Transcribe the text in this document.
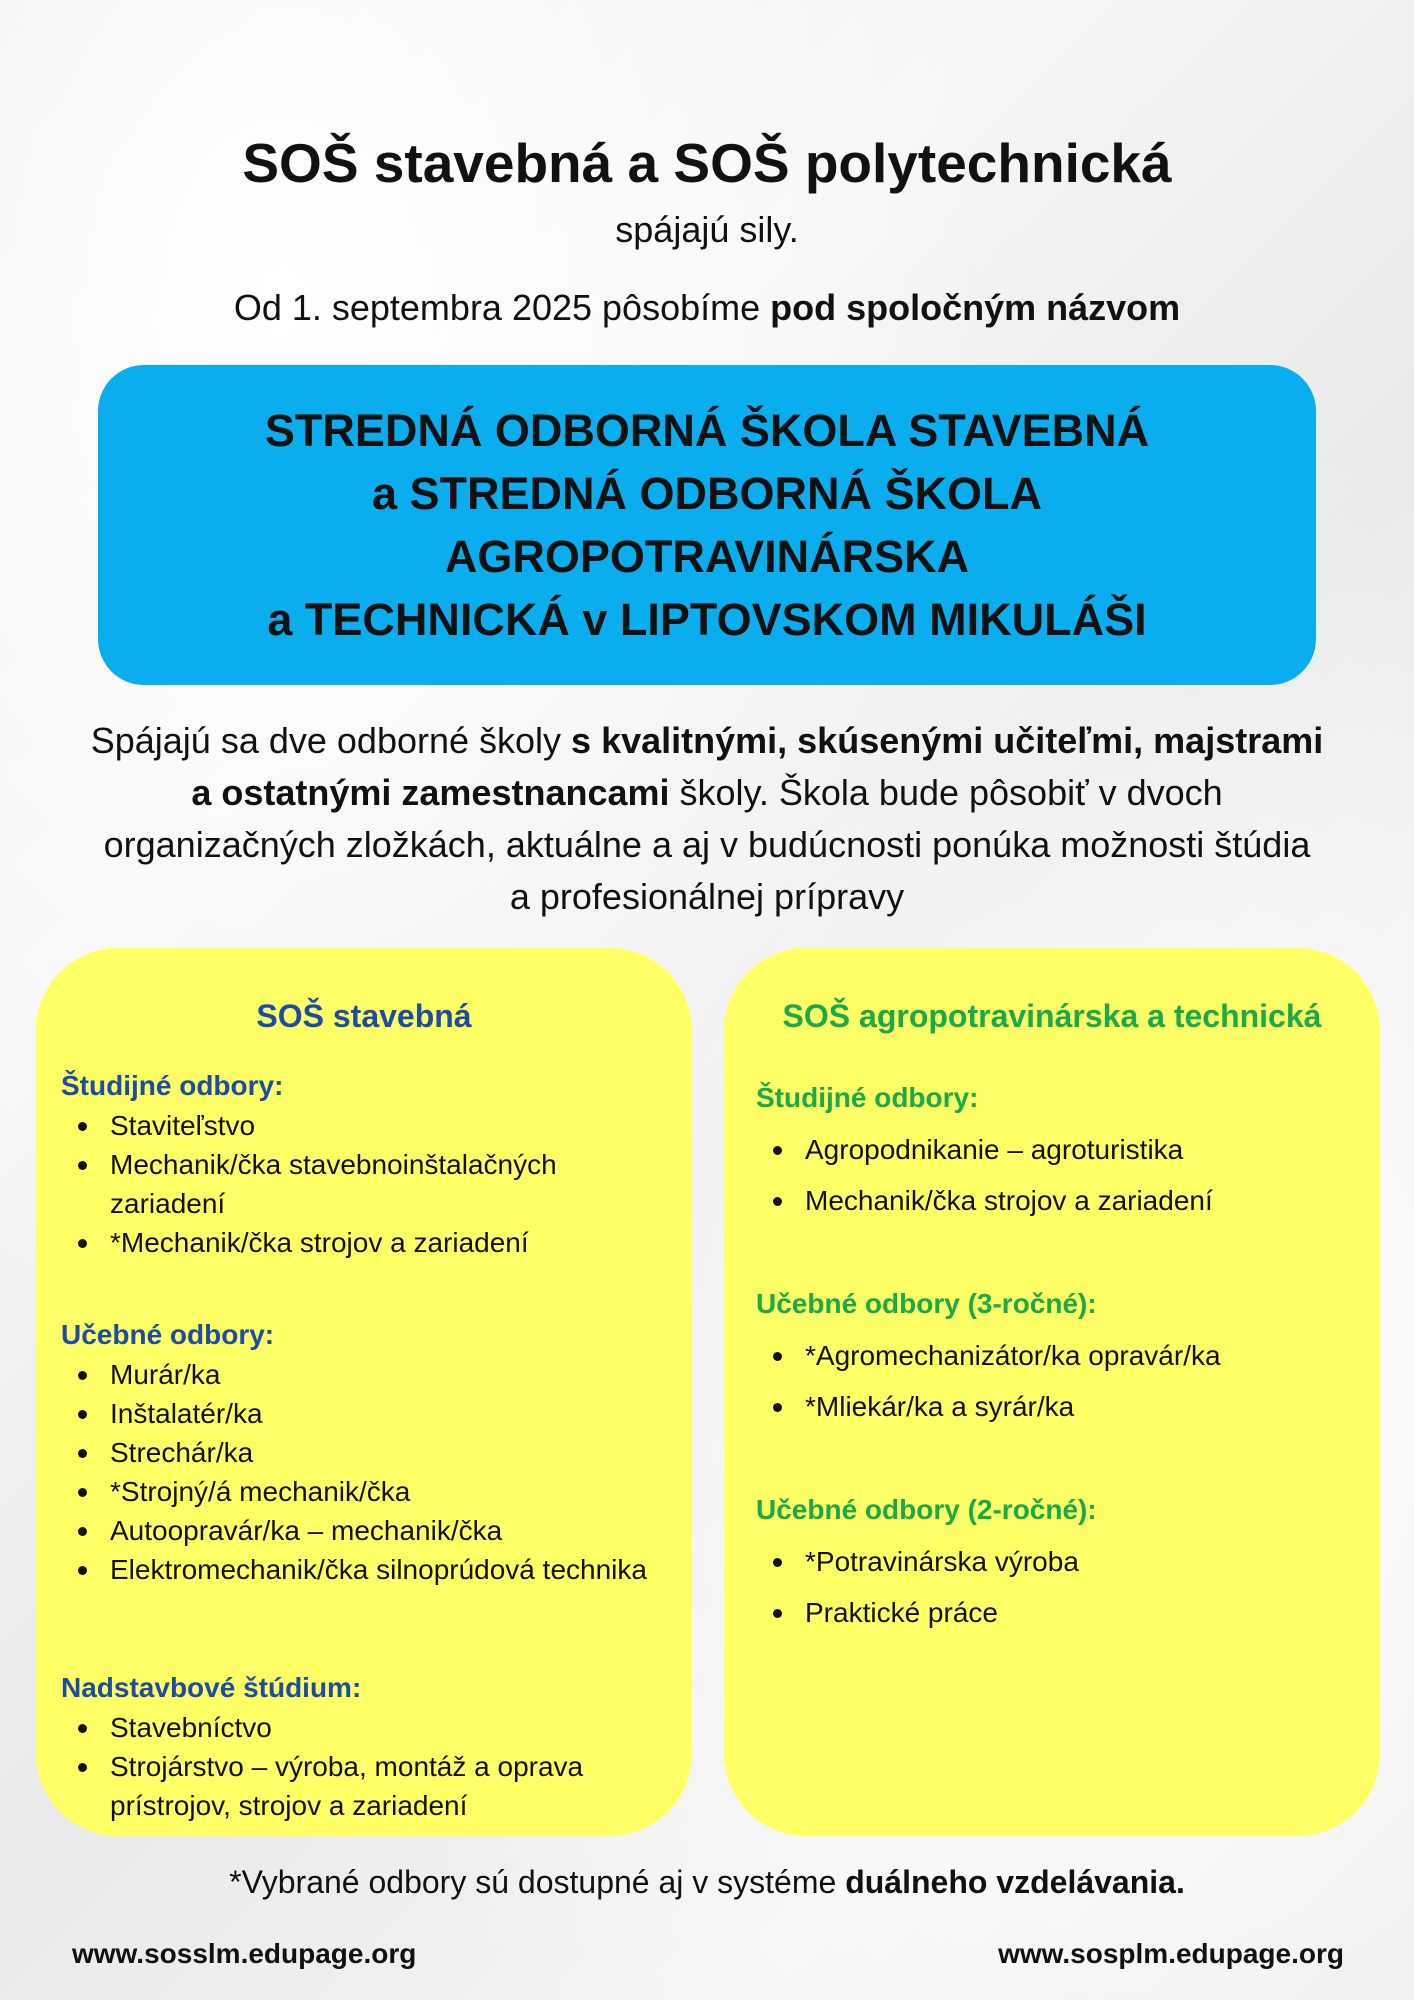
SOŠ stavebná a SOŠ polytechnická
spájajú sily.
Od 1. septembra 2025 pôsobíme pod spoločným názvom
STREDNÁ ODBORNÁ ŠKOLA STAVEBNÁ
a STREDNÁ ODBORNÁ ŠKOLA
AGROPOTRAVINÁRSKA
a TECHNICKÁ v LIPTOVSKOM MIKULÁŠI
Spájajú sa dve odborné školy s kvalitnými, skúsenými učiteľmi, majstrami a ostatnými zamestnancami školy. Škola bude pôsobiť v dvoch organizačných zložkách, aktuálne a aj v budúcnosti ponúka možnosti štúdia a profesionálnej prípravy
SOŠ stavebná
Študijné odbory:
Staviteľstvo
Mechanik/čka stavebnoinštalačných zariadení
*Mechanik/čka strojov a zariadení
Učebné odbory:
Murár/ka
Inštalatér/ka
Strechár/ka
*Strojný/á mechanik/čka
Autoopravár/ka – mechanik/čka
Elektromechanik/čka silnoprúdová technika
Nadstavbové štúdium:
Stavebníctvo
Strojárstvo – výroba, montáž a oprava prístrojov, strojov a zariadení
SOŠ agropotravinárska a technická
Študijné odbory:
Agropodnikanie – agroturistika
Mechanik/čka strojov a zariadení
Učebné odbory (3-ročné):
*Agromechanizátor/ka opravár/ka
*Mliekár/ka a syrár/ka
Učebné odbory (2-ročné):
*Potravinárska výroba
Praktické práce
*Vybrané odbory sú dostupné aj v systéme duálneho vzdelávania.
www.sosslm.edupage.org	www.sosplm.edupage.org
